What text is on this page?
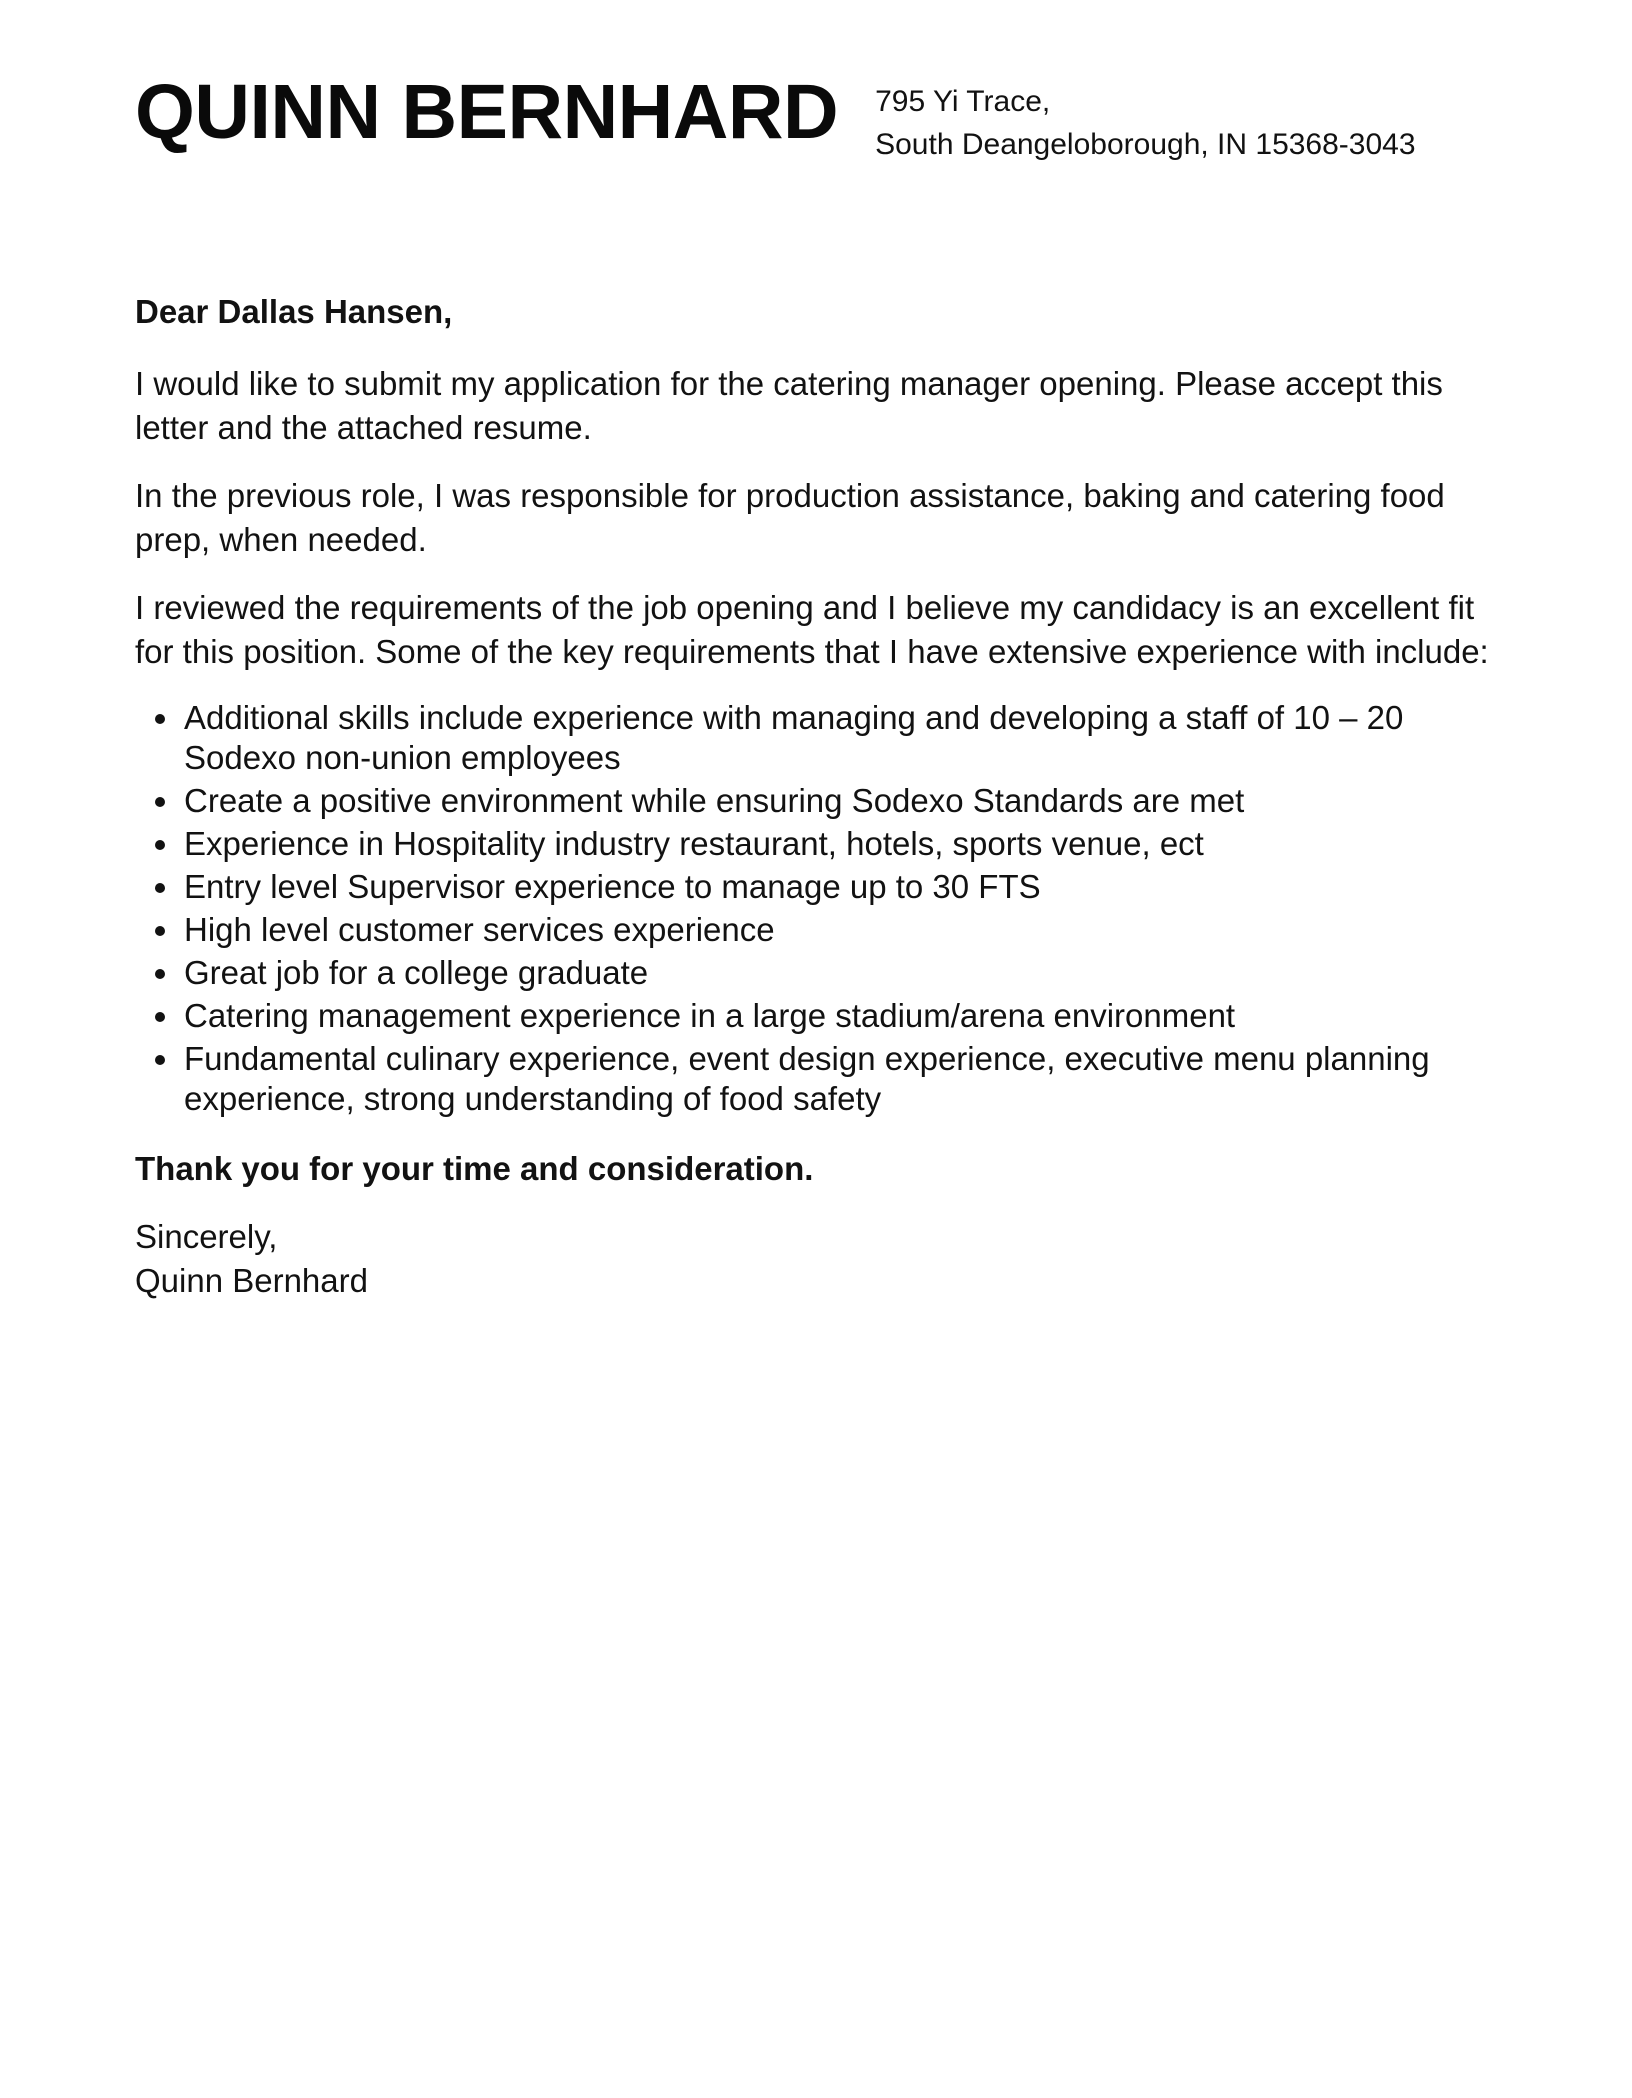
QUINN BERNHARD 795 Yi Trace,
South Deangeloborough, IN 15368-3043

Dear Dallas Hansen,

I would like to submit my application for the catering manager opening. Please accept this letter and the attached resume.

In the previous role, I was responsible for production assistance, baking and catering food prep, when needed.

I reviewed the requirements of the job opening and I believe my candidacy is an excellent fit for this position. Some of the key requirements that I have extensive experience with include:

• Additional skills include experience with managing and developing a staff of 10 – 20 Sodexo non-union employees
• Create a positive environment while ensuring Sodexo Standards are met
• Experience in Hospitality industry restaurant, hotels, sports venue, ect
• Entry level Supervisor experience to manage up to 30 FTS
• High level customer services experience
• Great job for a college graduate
• Catering management experience in a large stadium/arena environment
• Fundamental culinary experience, event design experience, executive menu planning experience, strong understanding of food safety

Thank you for your time and consideration.

Sincerely,
Quinn Bernhard
